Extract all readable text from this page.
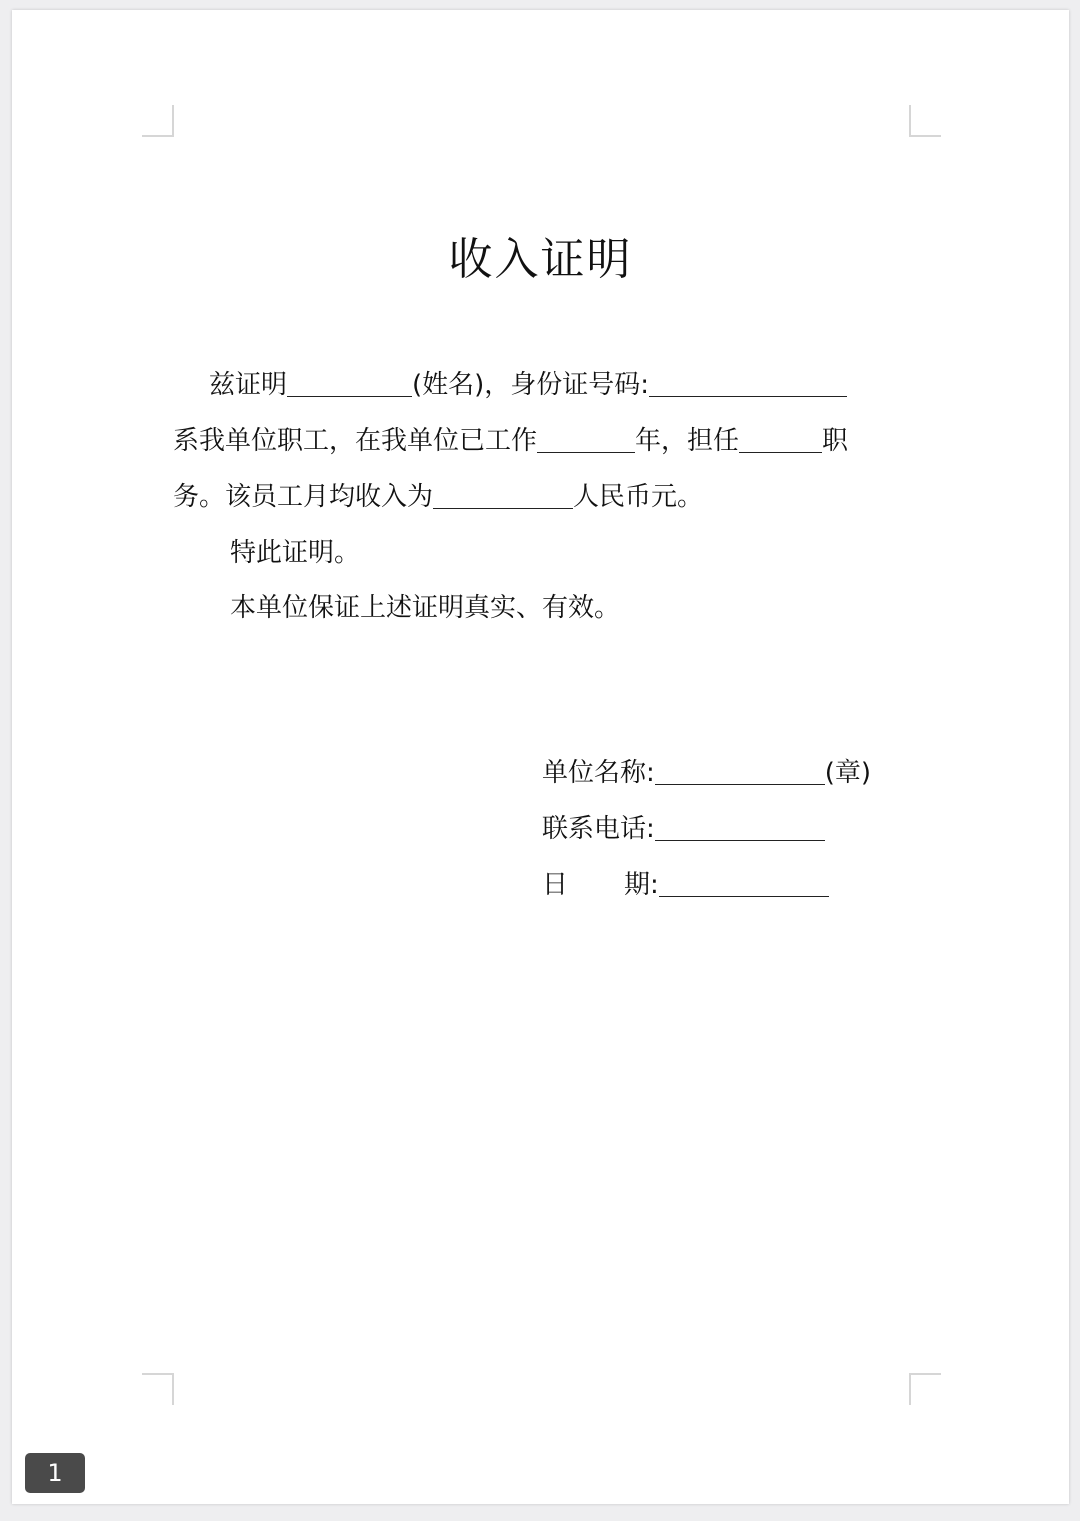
收入证明
兹证明	(姓名)，身份证号码:
系我单位职工，在我单位已工作	年，担任	职
务。该员工月均收入为	人民币元。
特此证明。
本单位保证上述证明真实、有效。
单位名称:	(章)
联系电话:
日 期:
1
